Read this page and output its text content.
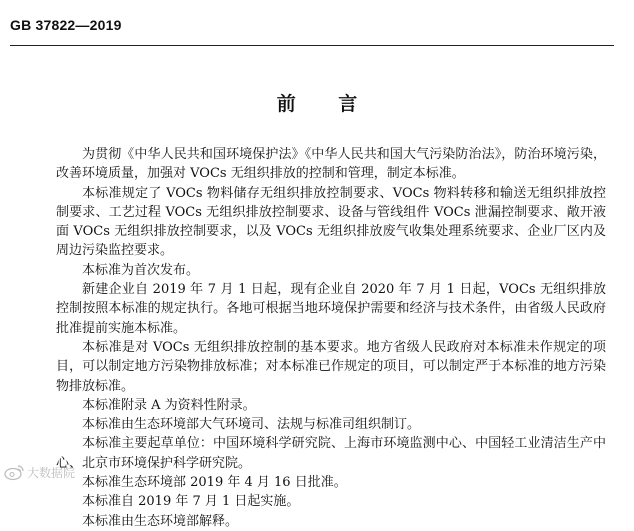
GB 37822—2019
前 言

为贯彻《中华人民共和国环境保护法》《中华人民共和国大气污染防治法》，防治环境污染，改善环境质量，加强对 VOCs 无组织排放的控制和管理，制定本标准。

本标准规定了 VOCs 物料储存无组织排放控制要求、VOCs 物料转移和输送无组织排放控制要求、工艺过程 VOCs 无组织排放控制要求、设备与管线组件 VOCs 泄漏控制要求、敞开液面 VOCs 无组织排放控制要求，以及 VOCs 无组织排放废气收集处理系统要求、企业厂区内及周边污染监控要求。

本标准为首次发布。

新建企业自 2019 年 7 月 1 日起，现有企业自 2020 年 7 月 1 日起，VOCs 无组织排放控制按照本标准的规定执行。各地可根据当地环境保护需要和经济与技术条件，由省级人民政府批准提前实施本标准。

本标准是对 VOCs 无组织排放控制的基本要求。地方省级人民政府对本标准未作规定的项目，可以制定地方污染物排放标准；对本标准已作规定的项目，可以制定严于本标准的地方污染物排放标准。

本标准附录 A 为资料性附录。

本标准由生态环境部大气环境司、法规与标准司组织制订。

本标准主要起草单位：中国环境科学研究院、上海市环境监测中心、中国轻工业清洁生产中心、北京市环境保护科学研究院。

本标准生态环境部 2019 年 4 月 16 日批准。

本标准自 2019 年 7 月 1 日起实施。

本标准由生态环境部解释。

大数据院
